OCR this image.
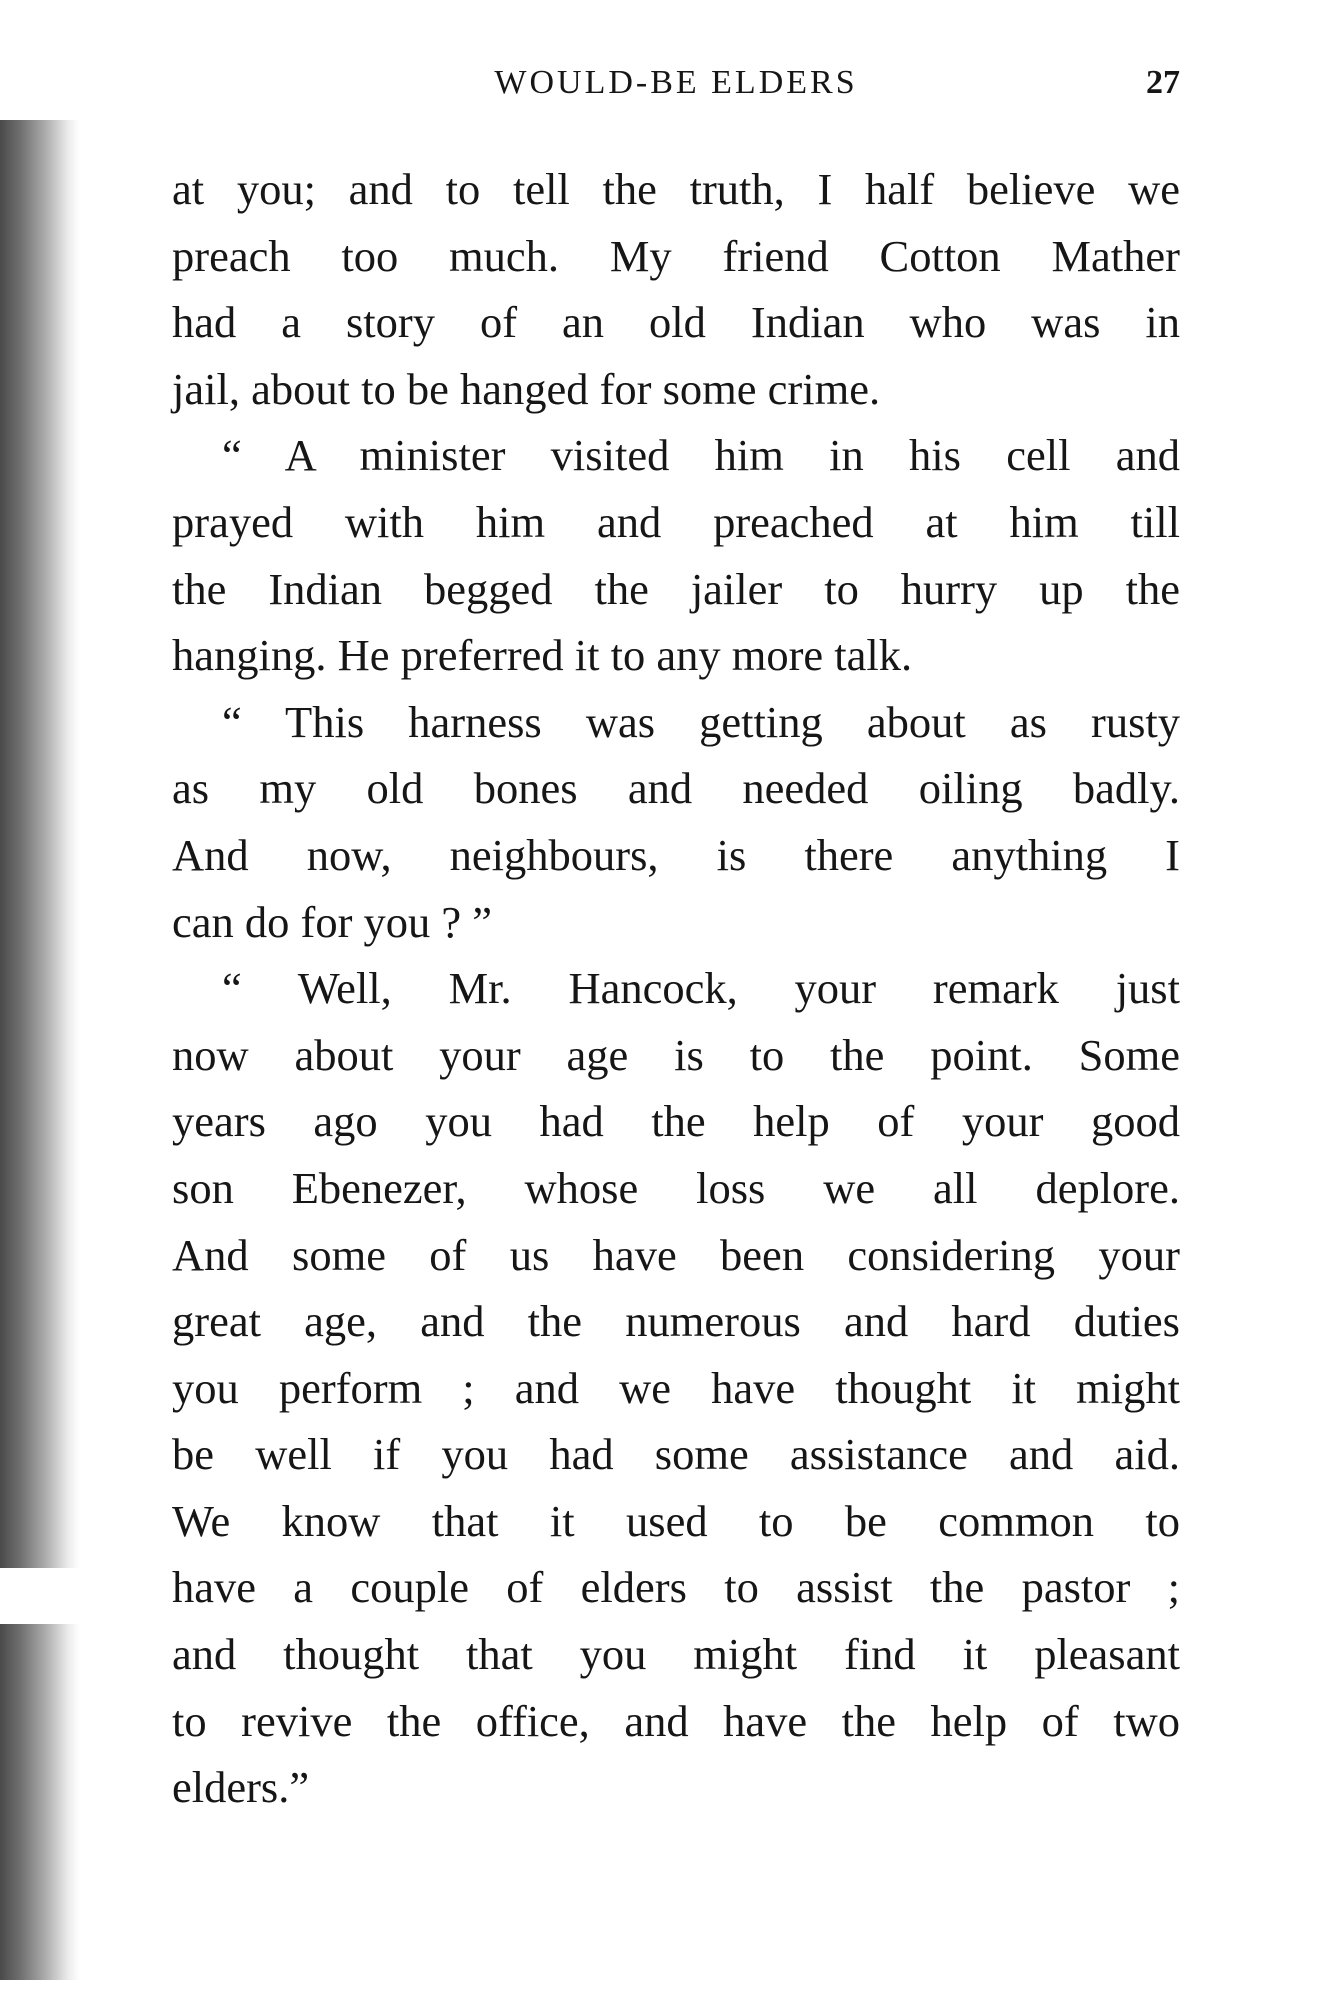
WOULD-BE ELDERS	27
at you; and to tell the truth, I half believe we
preach too much. My friend Cotton Mather
had a story of an old Indian who was in
jail, about to be hanged for some crime.
“ A minister visited him in his cell and
prayed with him and preached at him till
the Indian begged the jailer to hurry up the
hanging. He preferred it to any more talk.
“ This harness was getting about as rusty
as my old bones and needed oiling badly.
And now, neighbours, is there anything I
can do for you ? ”
“ Well, Mr. Hancock, your remark just
now about your age is to the point. Some
years ago you had the help of your good
son Ebenezer, whose loss we all deplore.
And some of us have been considering your
great age, and the numerous and hard duties
you perform ; and we have thought it might
be well if you had some assistance and aid.
We know that it used to be common to
have a couple of elders to assist the pastor ;
and thought that you might find it pleasant
to revive the office, and have the help of two
elders.”
